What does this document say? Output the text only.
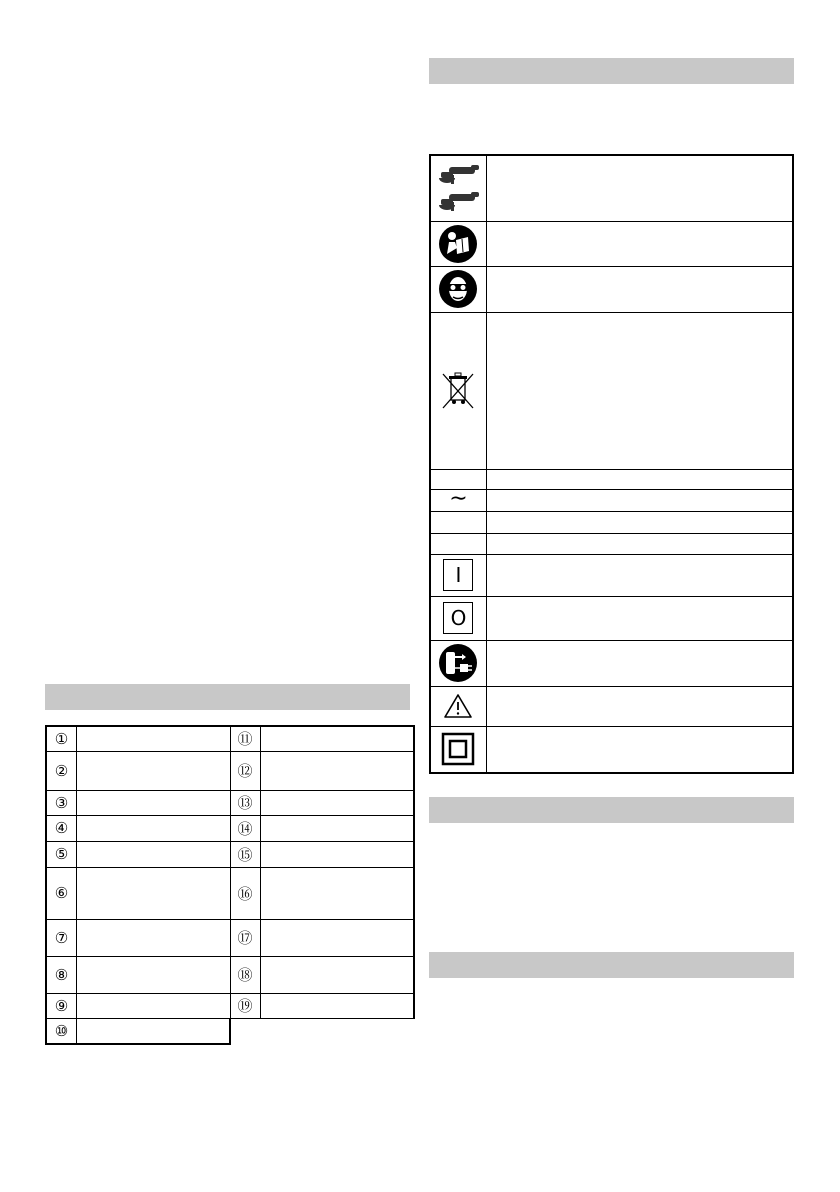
①		⑪	
②		⑫	
③		⑬	
④		⑭	
⑤		⑮	
⑥		⑯	
⑦		⑰	
⑧		⑱	
⑨		⑲	
⑩			

∼	

I	
O	
